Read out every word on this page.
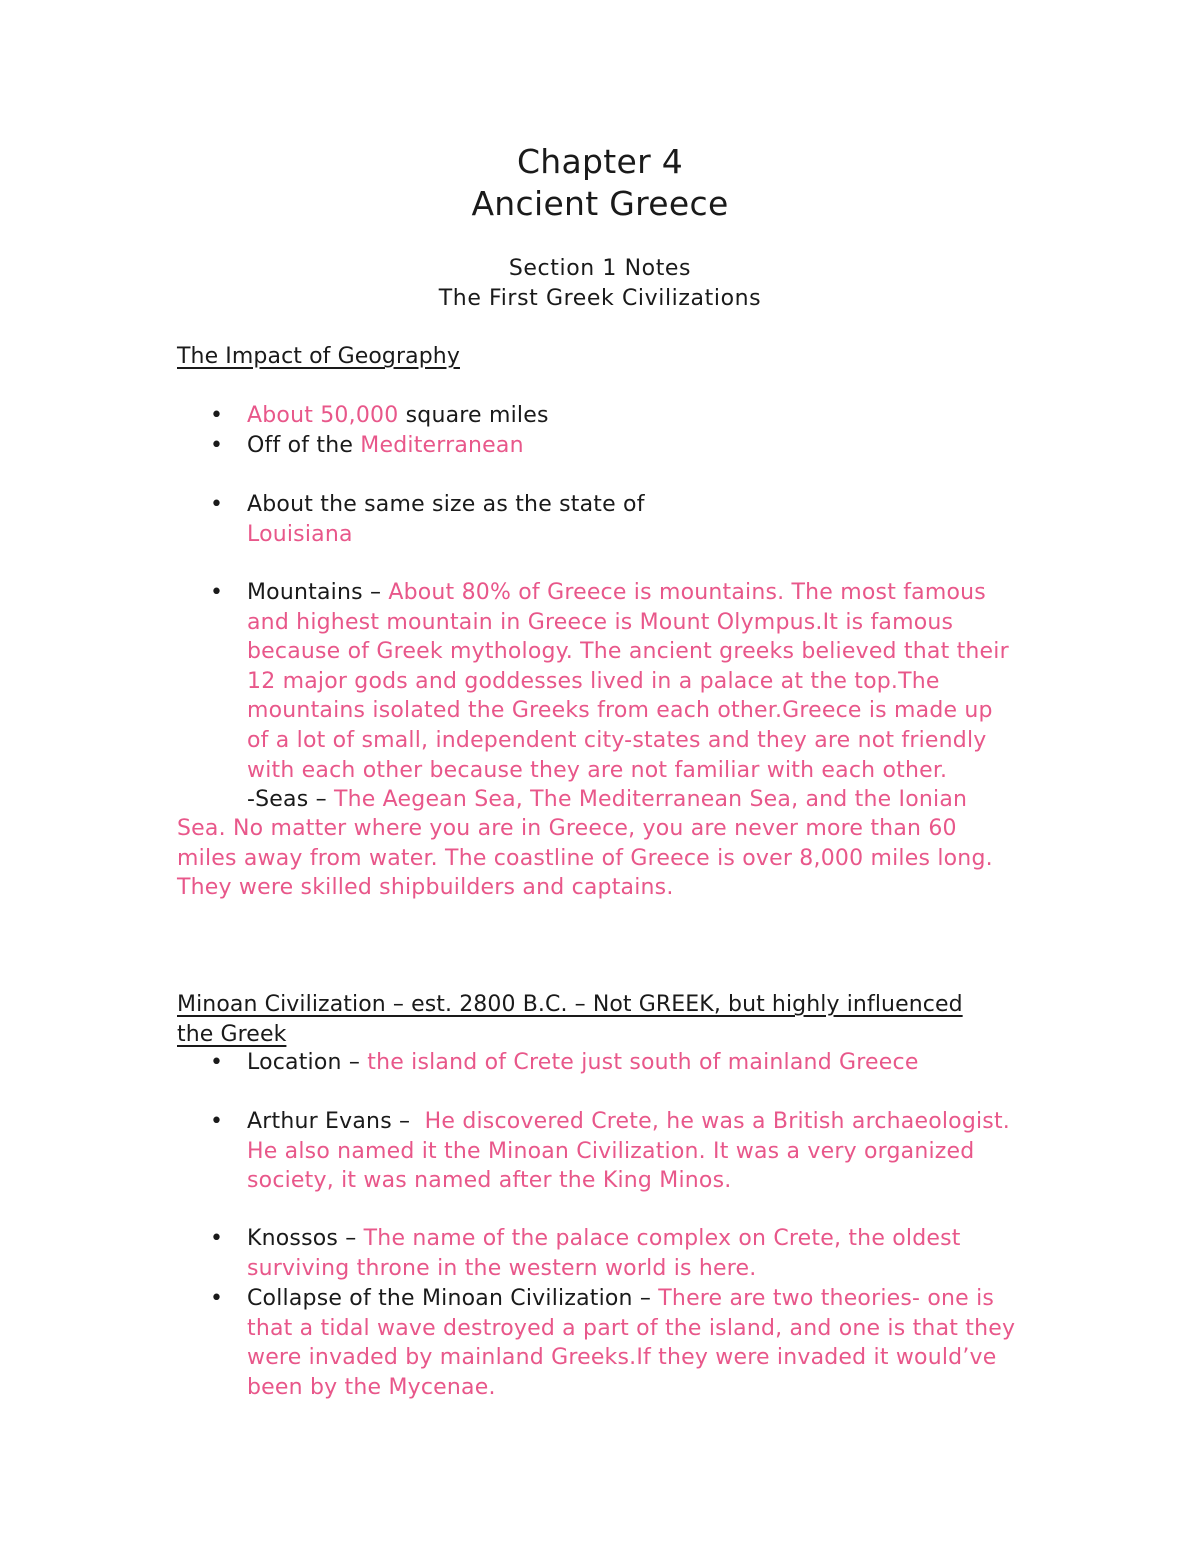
Chapter 4
Ancient Greece
Section 1 Notes
The First Greek Civilizations
The Impact of Geography
• About 50,000 square miles
• Off of the Mediterranean
• About the same size as the state of
Louisiana
• Mountains – About 80% of Greece is mountains. The most famous
and highest mountain in Greece is Mount Olympus.It is famous
because of Greek mythology. The ancient greeks believed that their
12 major gods and goddesses lived in a palace at the top.The
mountains isolated the Greeks from each other.Greece is made up
of a lot of small, independent city-states and they are not friendly
with each other because they are not familiar with each other.
-Seas – The Aegean Sea, The Mediterranean Sea, and the Ionian
Sea. No matter where you are in Greece, you are never more than 60
miles away from water. The coastline of Greece is over 8,000 miles long.
They were skilled shipbuilders and captains.
Minoan Civilization – est. 2800 B.C. – Not GREEK, but highly influenced
the Greek
• Location – the island of Crete just south of mainland Greece
• Arthur Evans –  He discovered Crete, he was a British archaeologist.
He also named it the Minoan Civilization. It was a very organized
society, it was named after the King Minos.
• Knossos – The name of the palace complex on Crete, the oldest
surviving throne in the western world is here.
• Collapse of the Minoan Civilization – There are two theories- one is
that a tidal wave destroyed a part of the island, and one is that they
were invaded by mainland Greeks.If they were invaded it would’ve
been by the Mycenae.
